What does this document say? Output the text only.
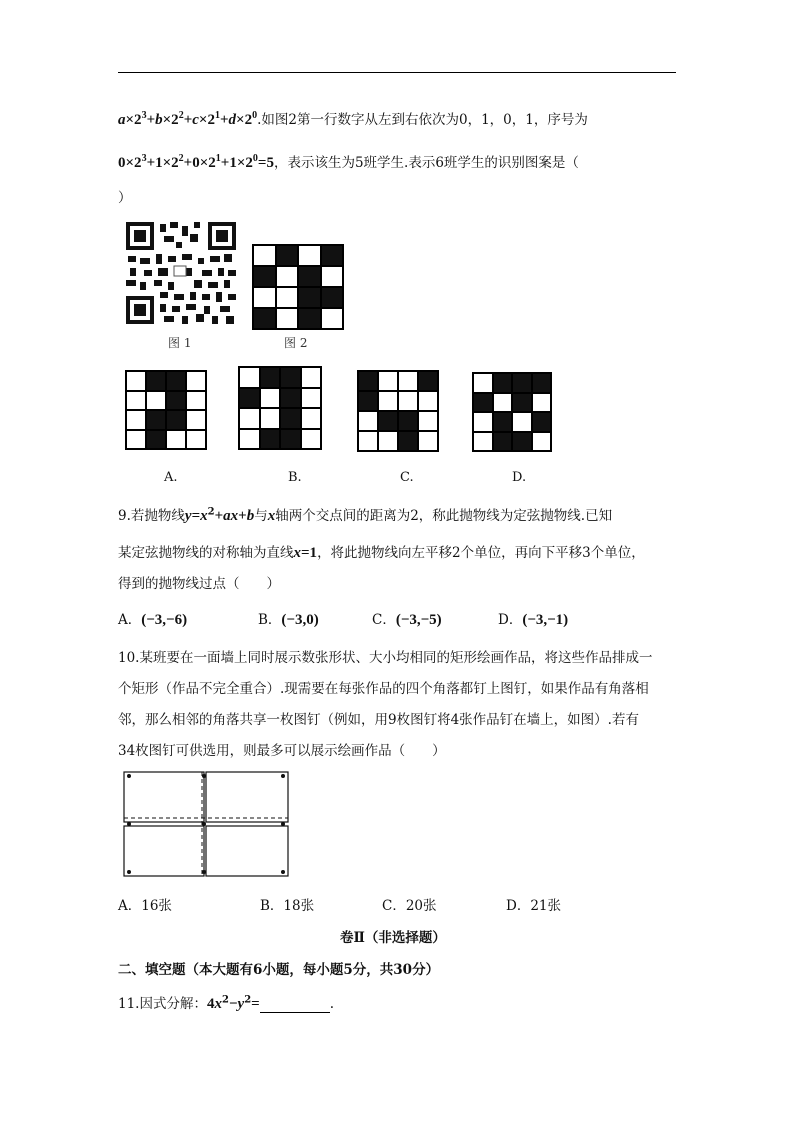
$a\times 2^3+b\times 2^2+c\times 2^1+d\times 2^0$.如图2第一行数字从左到右依次为0，1，0，1，序号为
$0\times 2^3+1\times 2^2+0\times 2^1+1\times 2^0=5$，表示该生为5班学生.表示6班学生的识别图案是（
）
图 1	图 2
A.	B.	C.	D.
9.若抛物线$y=x^2+ax+b$与x轴两个交点间的距离为2，称此抛物线为定弦抛物线.已知
某定弦抛物线的对称轴为直线x=1，将此抛物线向左平移2个单位，再向下平移3个单位，
得到的抛物线过点（　　）
A．(−3,−6)	B．(−3,0)	C．(−3,−5)	D．(−3,−1)
10.某班要在一面墙上同时展示数张形状、大小均相同的矩形绘画作品，将这些作品排成一
个矩形（作品不完全重合）.现需要在每张作品的四个角落都钉上图钉，如果作品有角落相
邻，那么相邻的角落共享一枚图钉（例如，用9枚图钉将4张作品钉在墙上，如图）.若有
34枚图钉可供选用，则最多可以展示绘画作品（　　）
A．16张	B．18张	C．20张	D．21张
卷Ⅱ（非选择题）
二、填空题（本大题有6小题，每小题5分，共30分）
11.因式分解：$4x^2-y^2=$	.
